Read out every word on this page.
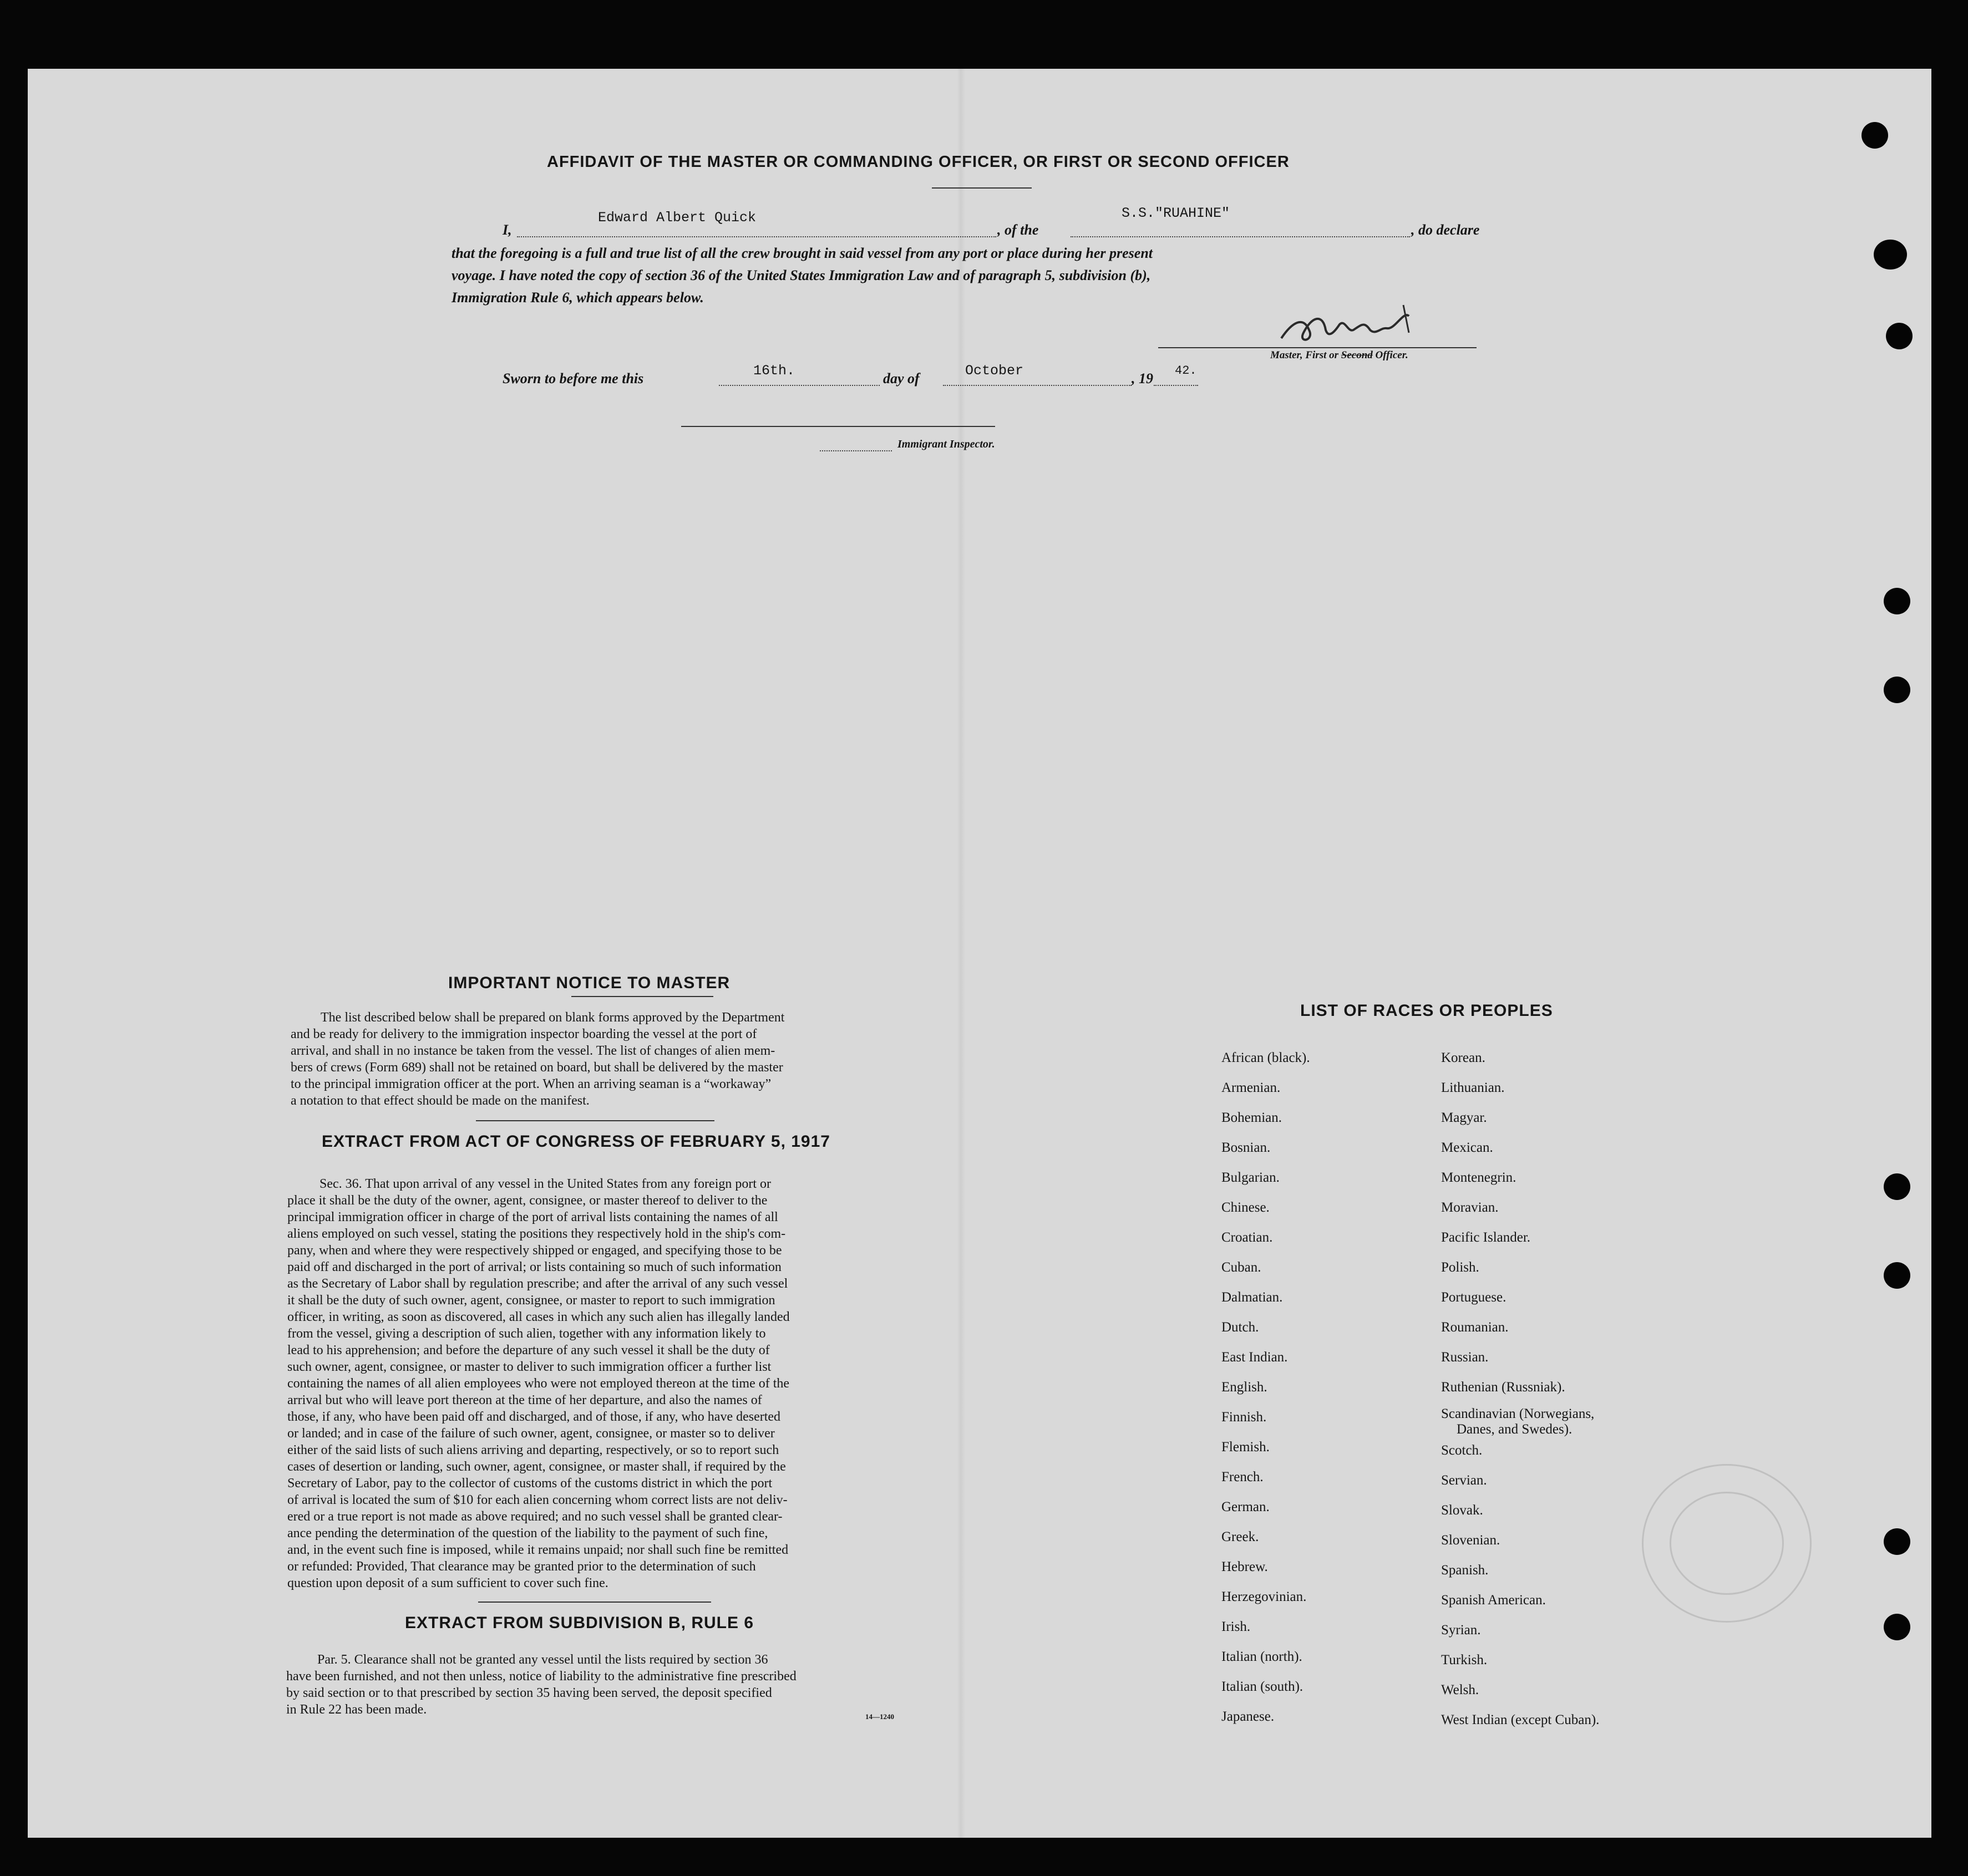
AFFIDAVIT OF THE MASTER OR COMMANDING OFFICER, OR FIRST OR SECOND OFFICER
I,
Edward Albert Quick
, of the
S.S."RUAHINE"
, do declare
that the foregoing is a full and true list of all the crew brought in said vessel from any port or place during her present
voyage. I have noted the copy of section 36 of the United States Immigration Law and of paragraph 5, subdivision (b),
Immigration Rule 6, which appears below.
Master, First or Second Officer.
Sworn to before me this	16th.	day of	October	, 19 42.
Immigrant Inspector.
IMPORTANT NOTICE TO MASTER
The list described below shall be prepared on blank forms approved by the Department
and be ready for delivery to the immigration inspector boarding the vessel at the port of
arrival, and shall in no instance be taken from the vessel. The list of changes of alien mem-
bers of crews (Form 689) shall not be retained on board, but shall be delivered by the master
to the principal immigration officer at the port. When an arriving seaman is a “workaway”
a notation to that effect should be made on the manifest.
EXTRACT FROM ACT OF CONGRESS OF FEBRUARY 5, 1917
Sec. 36. That upon arrival of any vessel in the United States from any foreign port or
place it shall be the duty of the owner, agent, consignee, or master thereof to deliver to the
principal immigration officer in charge of the port of arrival lists containing the names of all
aliens employed on such vessel, stating the positions they respectively hold in the ship's com-
pany, when and where they were respectively shipped or engaged, and specifying those to be
paid off and discharged in the port of arrival; or lists containing so much of such information
as the Secretary of Labor shall by regulation prescribe; and after the arrival of any such vessel
it shall be the duty of such owner, agent, consignee, or master to report to such immigration
officer, in writing, as soon as discovered, all cases in which any such alien has illegally landed
from the vessel, giving a description of such alien, together with any information likely to
lead to his apprehension; and before the departure of any such vessel it shall be the duty of
such owner, agent, consignee, or master to deliver to such immigration officer a further list
containing the names of all alien employees who were not employed thereon at the time of the
arrival but who will leave port thereon at the time of her departure, and also the names of
those, if any, who have been paid off and discharged, and of those, if any, who have deserted
or landed; and in case of the failure of such owner, agent, consignee, or master so to deliver
either of the said lists of such aliens arriving and departing, respectively, or so to report such
cases of desertion or landing, such owner, agent, consignee, or master shall, if required by the
Secretary of Labor, pay to the collector of customs of the customs district in which the port
of arrival is located the sum of $10 for each alien concerning whom correct lists are not deliv-
ered or a true report is not made as above required; and no such vessel shall be granted clear-
ance pending the determination of the question of the liability to the payment of such fine,
and, in the event such fine is imposed, while it remains unpaid; nor shall such fine be remitted
or refunded: Provided, That clearance may be granted prior to the determination of such
question upon deposit of a sum sufficient to cover such fine.
EXTRACT FROM SUBDIVISION B, RULE 6
Par. 5. Clearance shall not be granted any vessel until the lists required by section 36
have been furnished, and not then unless, notice of liability to the administrative fine prescribed
by said section or to that prescribed by section 35 having been served, the deposit specified
in Rule 22 has been made.	14—1240
LIST OF RACES OR PEOPLES
African (black).
Armenian.
Bohemian.
Bosnian.
Bulgarian.
Chinese.
Croatian.
Cuban.
Dalmatian.
Dutch.
East Indian.
English.
Finnish.
Flemish.
French.
German.
Greek.
Hebrew.
Herzegovinian.
Irish.
Italian (north).
Italian (south).
Japanese.
Korean.
Lithuanian.
Magyar.
Mexican.
Montenegrin.
Moravian.
Pacific Islander.
Polish.
Portuguese.
Roumanian.
Russian.
Ruthenian (Russniak).
Scandinavian (Norwegians,
Danes, and Swedes).
Scotch.
Servian.
Slovak.
Slovenian.
Spanish.
Spanish American.
Syrian.
Turkish.
Welsh.
West Indian (except Cuban).
